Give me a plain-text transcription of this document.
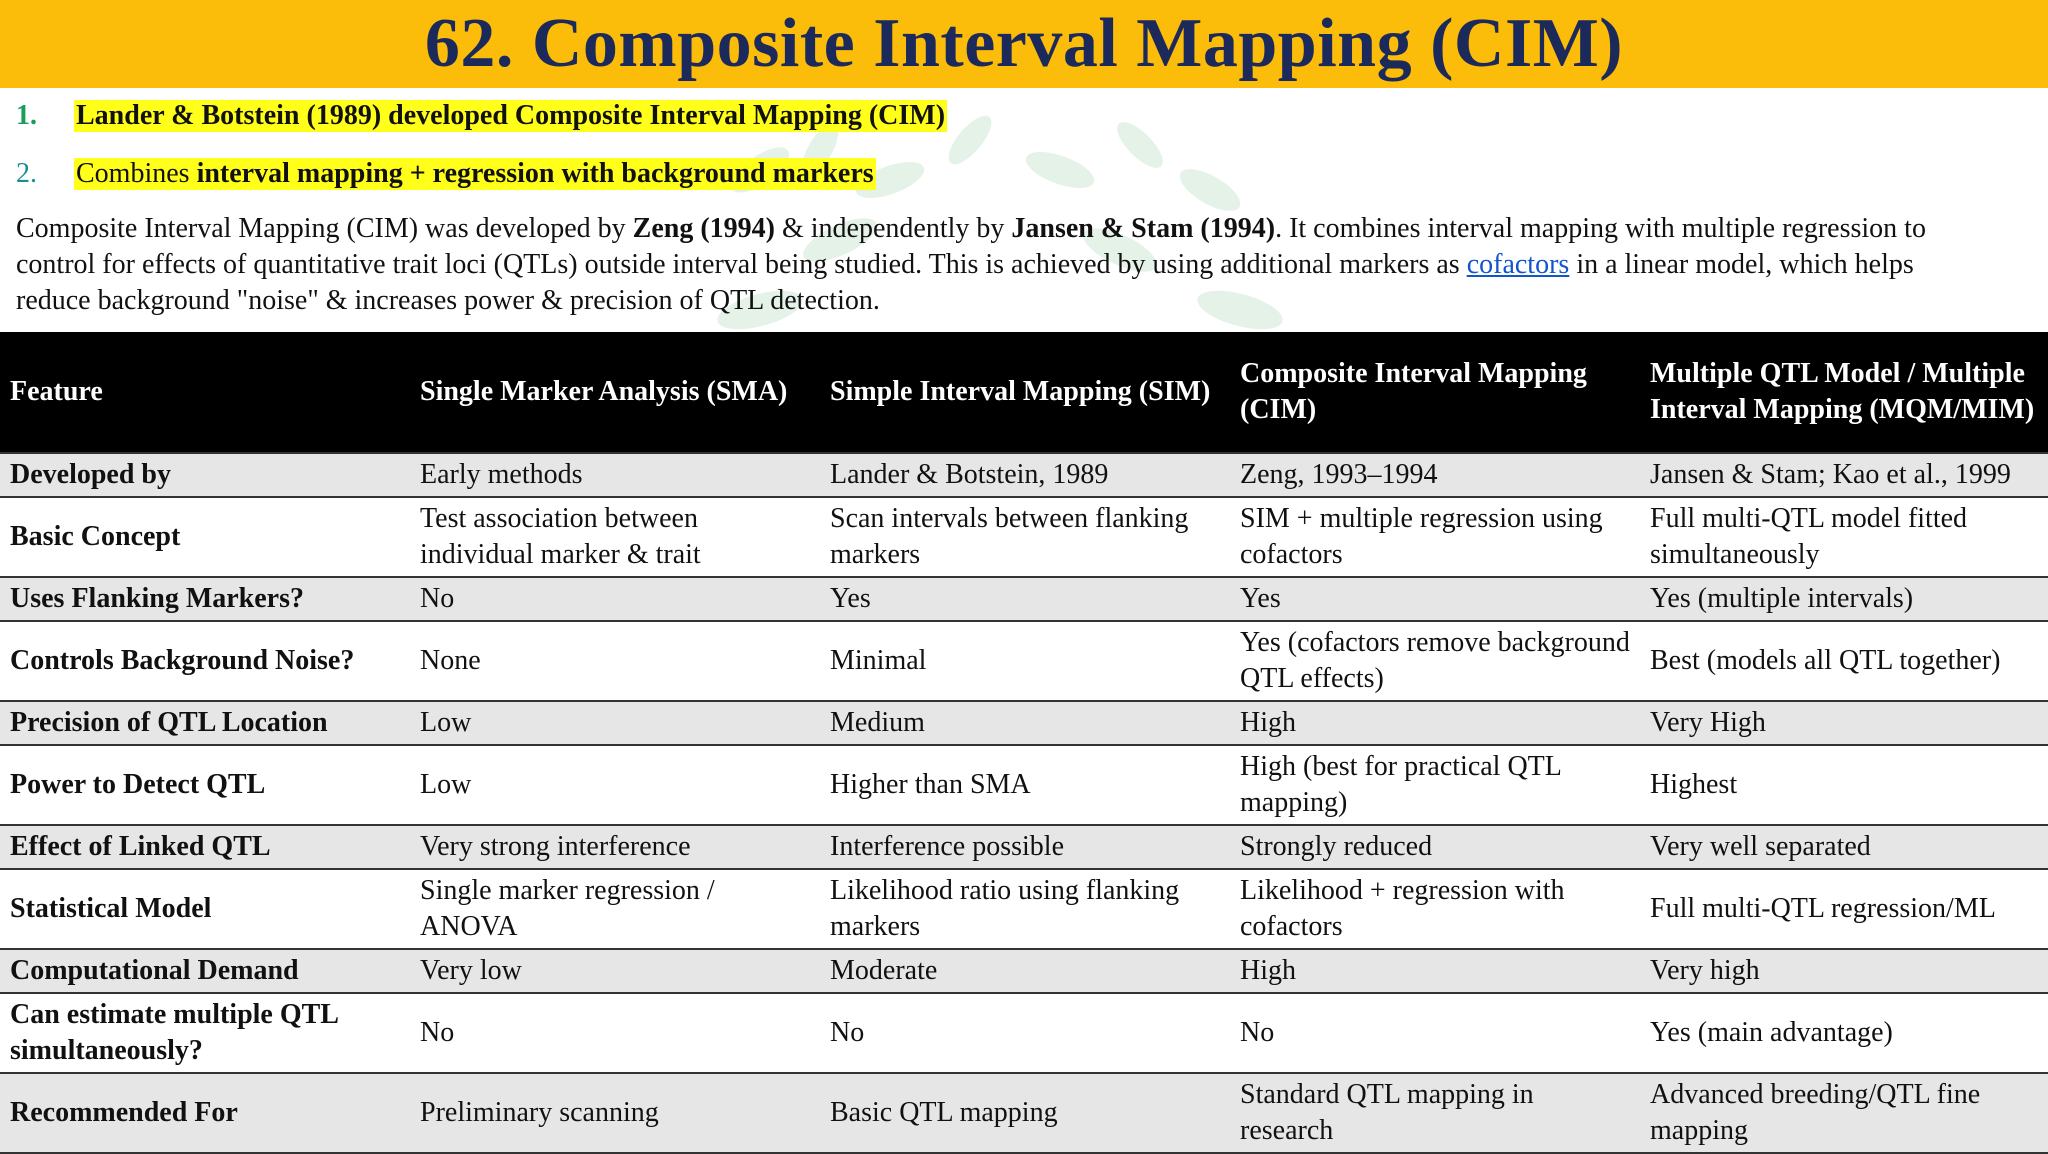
62. Composite Interval Mapping (CIM)
1.	Lander & Botstein (1989) developed Composite Interval Mapping (CIM)
2.	Combines interval mapping + regression with background markers
Composite Interval Mapping (CIM) was developed by Zeng (1994) & independently by Jansen & Stam (1994). It combines interval mapping with multiple regression to
control for effects of quantitative trait loci (QTLs) outside interval being studied. This is achieved by using additional markers as cofactors in a linear model, which helps
reduce background "noise" & increases power & precision of QTL detection.
Feature	Single Marker Analysis (SMA)	Simple Interval Mapping (SIM)	Composite Interval Mapping (CIM)	Multiple QTL Model / Multiple Interval Mapping (MQM/MIM)
Developed by	Early methods	Lander & Botstein, 1989	Zeng, 1993–1994	Jansen & Stam; Kao et al., 1999
Basic Concept	Test association between individual marker & trait	Scan intervals between flanking markers	SIM + multiple regression using cofactors	Full multi-QTL model fitted simultaneously
Uses Flanking Markers?	No	Yes	Yes	Yes (multiple intervals)
Controls Background Noise?	None	Minimal	Yes (cofactors remove background QTL effects)	Best (models all QTL together)
Precision of QTL Location	Low	Medium	High	Very High
Power to Detect QTL	Low	Higher than SMA	High (best for practical QTL mapping)	Highest
Effect of Linked QTL	Very strong interference	Interference possible	Strongly reduced	Very well separated
Statistical Model	Single marker regression / ANOVA	Likelihood ratio using flanking markers	Likelihood + regression with cofactors	Full multi-QTL regression/ML
Computational Demand	Very low	Moderate	High	Very high
Can estimate multiple QTL simultaneously?	No	No	No	Yes (main advantage)
Recommended For	Preliminary scanning	Basic QTL mapping	Standard QTL mapping in research	Advanced breeding/QTL fine mapping
